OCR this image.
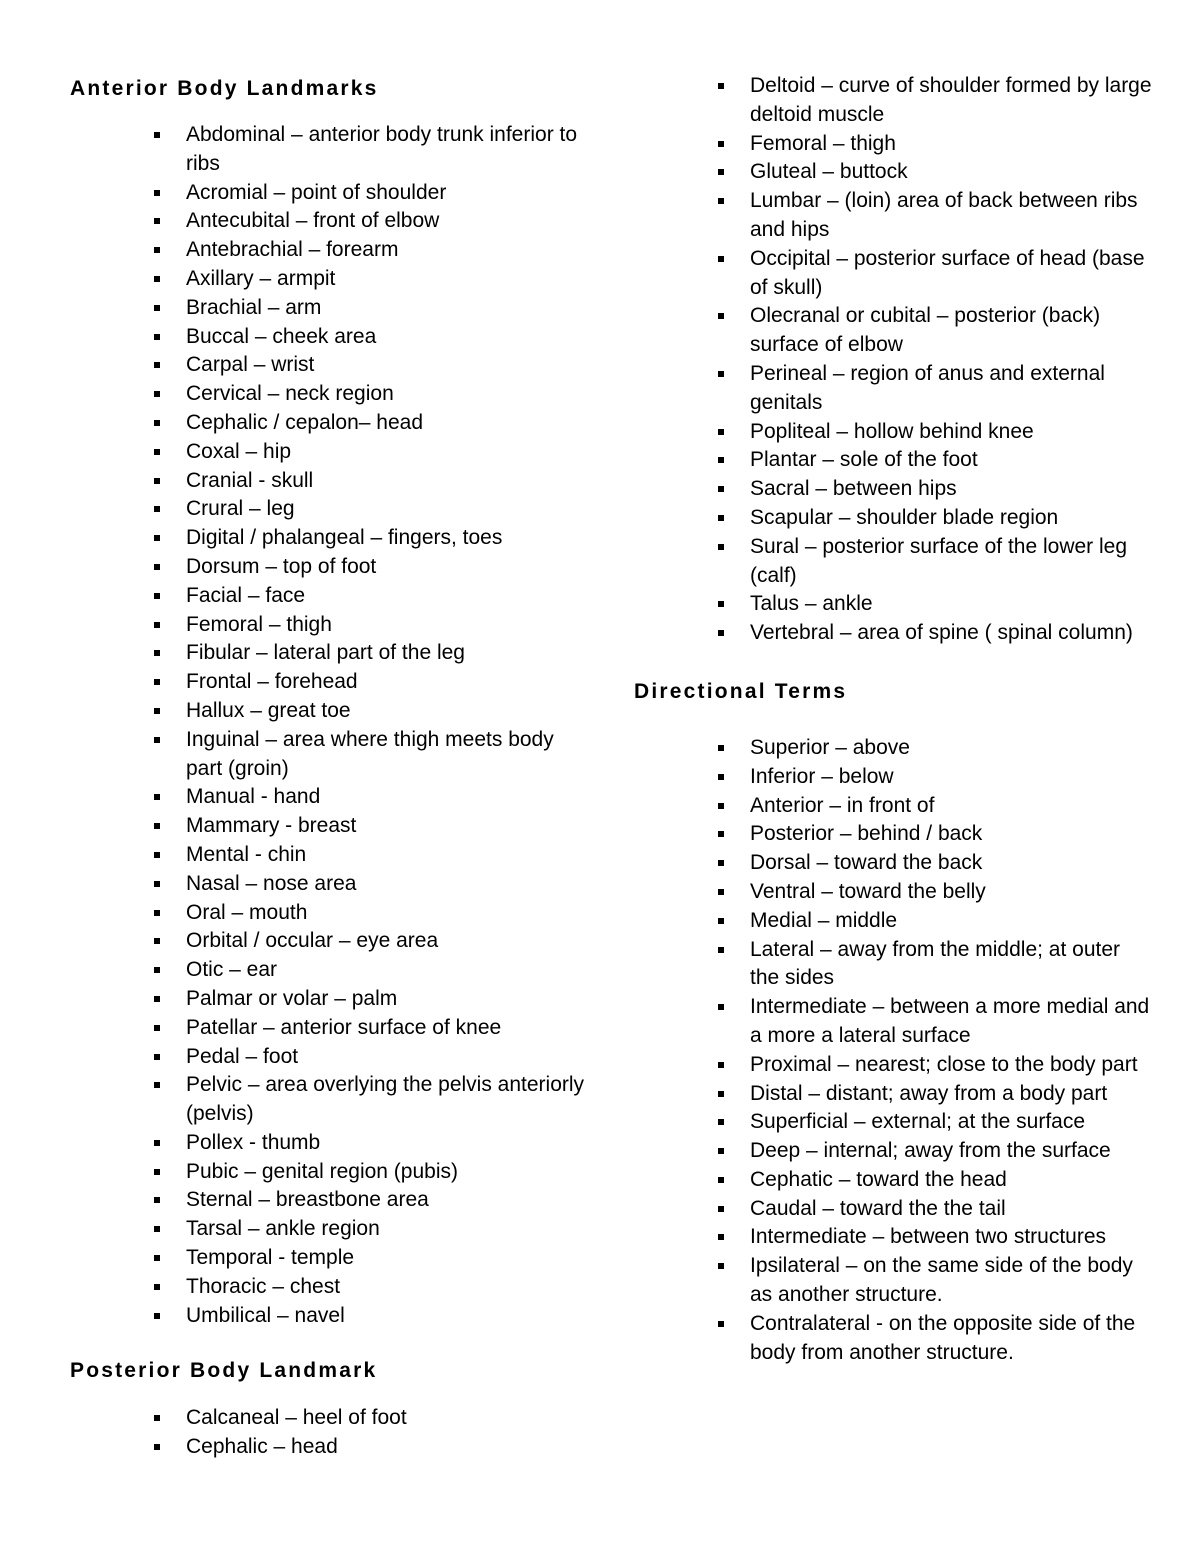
Anterior Body Landmarks
Abdominal – anterior body trunk inferior to ribs
Acromial – point of shoulder
Antecubital – front of elbow
Antebrachial – forearm
Axillary – armpit
Brachial – arm
Buccal – cheek area
Carpal – wrist
Cervical – neck region
Cephalic / cepalon– head
Coxal – hip
Cranial - skull
Crural – leg
Digital / phalangeal – fingers, toes
Dorsum – top of foot
Facial – face
Femoral – thigh
Fibular – lateral part of the leg
Frontal – forehead
Hallux – great toe
Inguinal – area where thigh meets body part (groin)
Manual - hand
Mammary - breast
Mental - chin
Nasal – nose area
Oral – mouth
Orbital / occular – eye area
Otic – ear
Palmar or volar – palm
Patellar – anterior surface of knee
Pedal – foot
Pelvic – area overlying the pelvis anteriorly (pelvis)
Pollex - thumb
Pubic – genital region (pubis)
Sternal – breastbone area
Tarsal – ankle region
Temporal - temple
Thoracic – chest
Umbilical – navel
Posterior Body Landmark
Calcaneal – heel of foot
Cephalic – head
Deltoid – curve of shoulder formed by large deltoid muscle
Femoral – thigh
Gluteal – buttock
Lumbar – (loin) area of back between ribs and hips
Occipital – posterior surface of head (base of skull)
Olecranal or cubital – posterior (back) surface of elbow
Perineal – region of anus and external genitals
Popliteal – hollow behind knee
Plantar – sole of the foot
Sacral – between hips
Scapular – shoulder blade region
Sural – posterior surface of the lower leg (calf)
Talus – ankle
Vertebral – area of spine ( spinal column)
Directional Terms
Superior – above
Inferior – below
Anterior – in front of
Posterior – behind / back
Dorsal – toward the back
Ventral – toward the belly
Medial – middle
Lateral – away from the middle; at outer the sides
Intermediate – between a more medial and a more a lateral surface
Proximal – nearest; close to the body part
Distal – distant; away from a body part
Superficial – external; at the surface
Deep – internal; away from the surface
Cephatic – toward the head
Caudal – toward the the tail
Intermediate – between two structures
Ipsilateral – on the same side of the body as another structure.
Contralateral - on the opposite side of the body from another structure.
